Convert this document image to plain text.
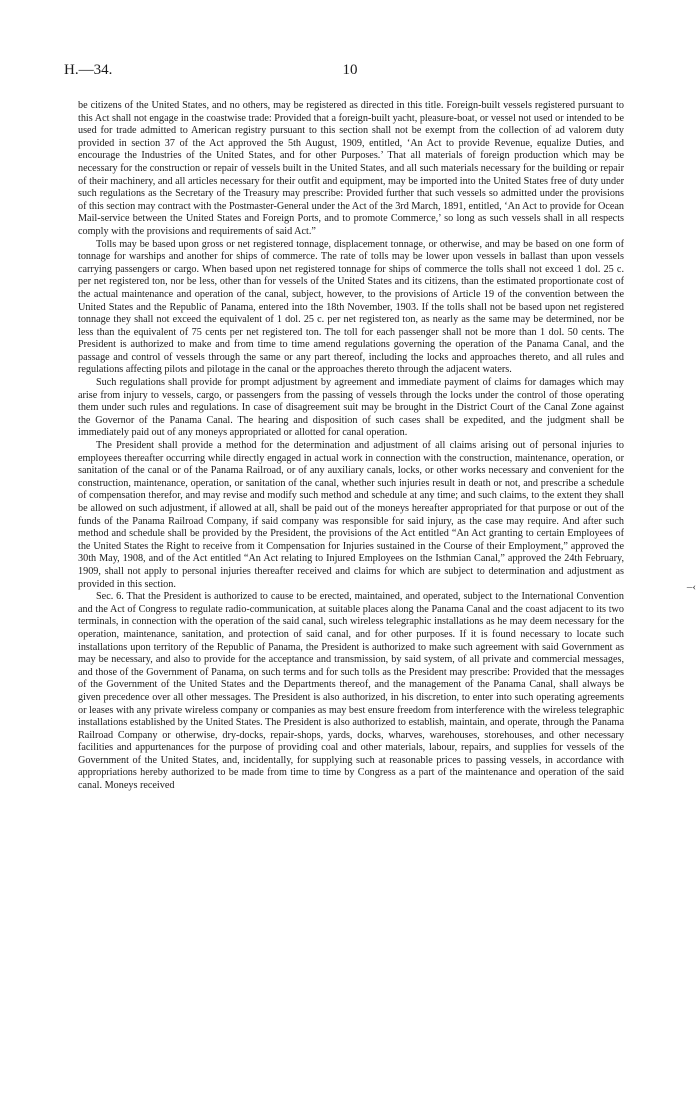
H.—34.	10

be citizens of the United States, and no others, may be registered as directed in this title. Foreign-built vessels registered pursuant to this Act shall not engage in the coastwise trade: Provided that a foreign-built yacht, pleasure-boat, or vessel not used or intended to be used for trade admitted to American registry pursuant to this section shall not be exempt from the collection of ad valorem duty provided in section 37 of the Act approved the 5th August, 1909, entitled, ‘An Act to provide Revenue, equalize Duties, and encourage the Industries of the United States, and for other Purposes.’ That all materials of foreign production which may be necessary for the construction or repair of vessels built in the United States, and all such materials necessary for the building or repair of their machinery, and all articles necessary for their outfit and equipment, may be imported into the United States free of duty under such regulations as the Secretary of the Treasury may prescribe: Provided further that such vessels so admitted under the provisions of this section may contract with the Postmaster-General under the Act of the 3rd March, 1891, entitled, ‘An Act to provide for Ocean Mail-service between the United States and Foreign Ports, and to promote Commerce,’ so long as such vessels shall in all respects comply with the provisions and requirements of said Act.”

Tolls may be based upon gross or net registered tonnage, displacement tonnage, or otherwise, and may be based on one form of tonnage for warships and another for ships of commerce. The rate of tolls may be lower upon vessels in ballast than upon vessels carrying passengers or cargo. When based upon net registered tonnage for ships of commerce the tolls shall not exceed 1 dol. 25 c. per net registered ton, nor be less, other than for vessels of the United States and its citizens, than the estimated proportionate cost of the actual maintenance and operation of the canal, subject, however, to the provisions of Article 19 of the convention between the United States and the Republic of Panama, entered into the 18th November, 1903. If the tolls shall not be based upon net registered tonnage they shall not exceed the equivalent of 1 dol. 25 c. per net registered ton, as nearly as the same may be determined, nor be less than the equivalent of 75 cents per net registered ton. The toll for each passenger shall not be more than 1 dol. 50 cents. The President is authorized to make and from time to time amend regulations governing the operation of the Panama Canal, and the passage and control of vessels through the same or any part thereof, including the locks and approaches thereto, and all rules and regulations affecting pilots and pilotage in the canal or the approaches thereto through the adjacent waters.

Such regulations shall provide for prompt adjustment by agreement and immediate payment of claims for damages which may arise from injury to vessels, cargo, or passengers from the passing of vessels through the locks under the control of those operating them under such rules and regulations. In case of disagreement suit may be brought in the District Court of the Canal Zone against the Governor of the Panama Canal. The hearing and disposition of such cases shall be expedited, and the judgment shall be immediately paid out of any moneys appropriated or allotted for canal operation.

The President shall provide a method for the determination and adjustment of all claims arising out of personal injuries to employees thereafter occurring while directly engaged in actual work in connection with the construction, maintenance, operation, or sanitation of the canal or of the Panama Railroad, or of any auxiliary canals, locks, or other works necessary and convenient for the construction, maintenance, operation, or sanitation of the canal, whether such injuries result in death or not, and prescribe a schedule of compensation therefor, and may revise and modify such method and schedule at any time; and such claims, to the extent they shall be allowed on such adjustment, if allowed at all, shall be paid out of the moneys hereafter appropriated for that purpose or out of the funds of the Panama Railroad Company, if said company was responsible for said injury, as the case may require. And after such method and schedule shall be provided by the President, the provisions of the Act entitled “An Act granting to certain Employees of the United States the Right to receive from it Compensation for Injuries sustained in the Course of their Employment,” approved the 30th May, 1908, and of the Act entitled “An Act relating to Injured Employees on the Isthmian Canal,” approved the 24th February, 1909, shall not apply to personal injuries thereafter received and claims for which are subject to determination and adjustment as provided in this section.

Sec. 6. That the President is authorized to cause to be erected, maintained, and operated, subject to the International Convention and the Act of Congress to regulate radio-communication, at suitable places along the Panama Canal and the coast adjacent to its two terminals, in connection with the operation of the said canal, such wireless telegraphic installations as he may deem necessary for the operation, maintenance, sanitation, and protection of said canal, and for other purposes. If it is found necessary to locate such installations upon territory of the Republic of Panama, the President is authorized to make such agreement with said Government as may be necessary, and also to provide for the acceptance and transmission, by said system, of all private and commercial messages, and those of the Government of Panama, on such terms and for such tolls as the President may prescribe: Provided that the messages of the Government of the United States and the Departments thereof, and the management of the Panama Canal, shall always be given precedence over all other messages. The President is also authorized, in his discretion, to enter into such operating agreements or leases with any private wireless company or companies as may best ensure freedom from interference with the wireless telegraphic installations established by the United States. The President is also authorized to establish, maintain, and operate, through the Panama Railroad Company or otherwise, dry-docks, repair-shops, yards, docks, wharves, warehouses, storehouses, and other necessary facilities and appurtenances for the purpose of providing coal and other materials, labour, repairs, and supplies for vessels of the Government of the United States, and, incidentally, for supplying such at reasonable prices to passing vessels, in accordance with appropriations hereby authorized to be made from time to time by Congress as a part of the maintenance and operation of the said canal. Moneys received

–‹
